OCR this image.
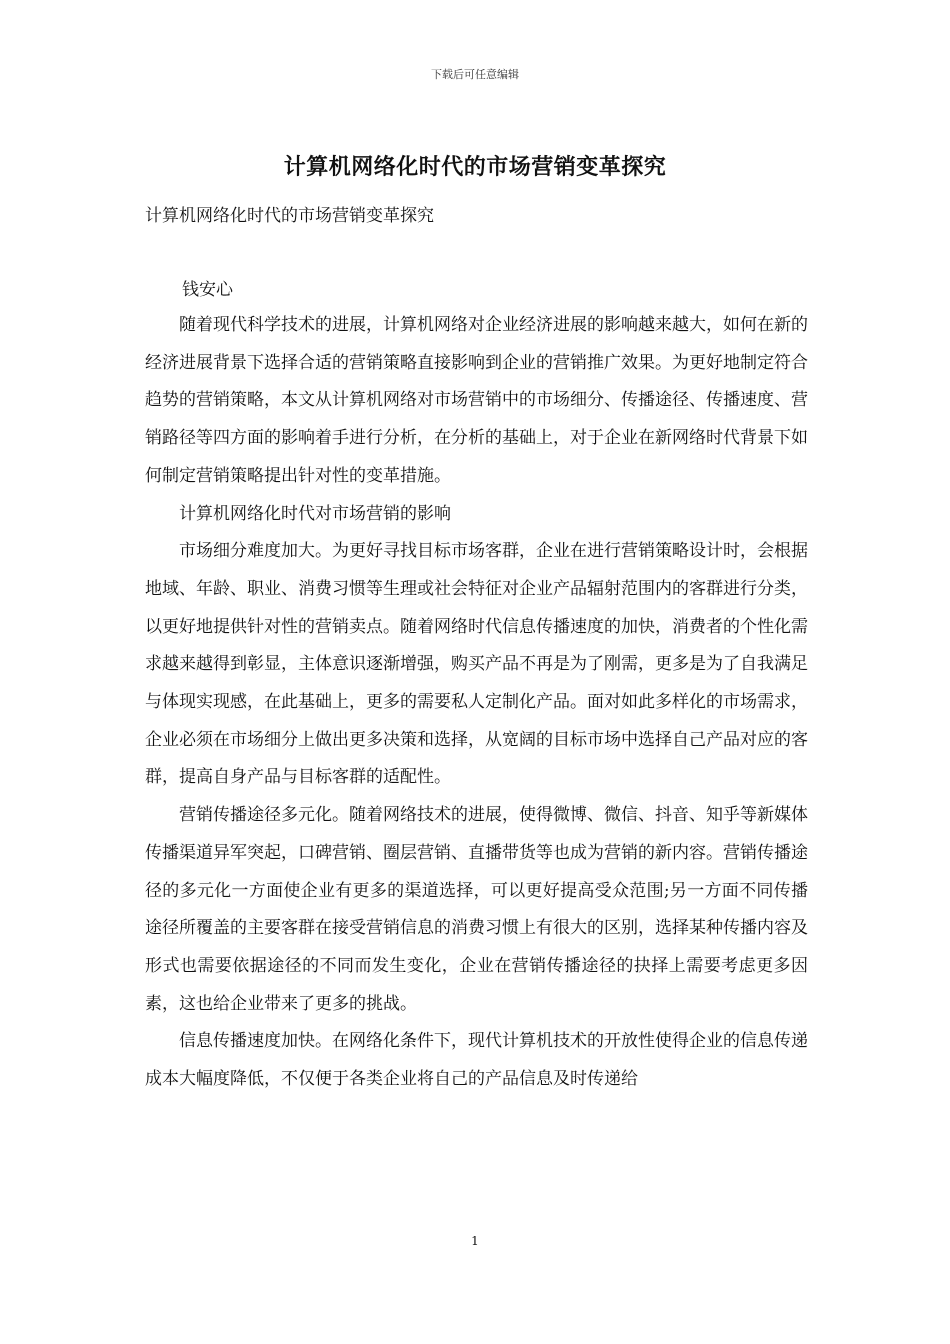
下载后可任意编辑
计算机网络化时代的市场营销变革探究
计算机网络化时代的市场营销变革探究
钱安心

随着现代科学技术的进展，计算机网络对企业经济进展的影响越来越大，如何在新的经济进展背景下选择合适的营销策略直接影响到企业的营销推广效果。为更好地制定符合趋势的营销策略，本文从计算机网络对市场营销中的市场细分、传播途径、传播速度、营销路径等四方面的影响着手进行分析，在分析的基础上，对于企业在新网络时代背景下如何制定营销策略提出针对性的变革措施。

计算机网络化时代对市场营销的影响

市场细分难度加大。为更好寻找目标市场客群，企业在进行营销策略设计时，会根据地域、年龄、职业、消费习惯等生理或社会特征对企业产品辐射范围内的客群进行分类，以更好地提供针对性的营销卖点。随着网络时代信息传播速度的加快，消费者的个性化需求越来越得到彰显，主体意识逐渐增强，购买产品不再是为了刚需，更多是为了自我满足与体现实现感，在此基础上，更多的需要私人定制化产品。面对如此多样化的市场需求，企业必须在市场细分上做出更多决策和选择，从宽阔的目标市场中选择自己产品对应的客群，提高自身产品与目标客群的适配性。

营销传播途径多元化。随着网络技术的进展，使得微博、微信、抖音、知乎等新媒体传播渠道异军突起，口碑营销、圈层营销、直播带货等也成为营销的新内容。营销传播途径的多元化一方面使企业有更多的渠道选择，可以更好提高受众范围;另一方面不同传播途径所覆盖的主要客群在接受营销信息的消费习惯上有很大的区别，选择某种传播内容及形式也需要依据途径的不同而发生变化，企业在营销传播途径的抉择上需要考虑更多因素，这也给企业带来了更多的挑战。

信息传播速度加快。在网络化条件下，现代计算机技术的开放性使得企业的信息传递成本大幅度降低，不仅便于各类企业将自己的产品信息及时传递给

1
